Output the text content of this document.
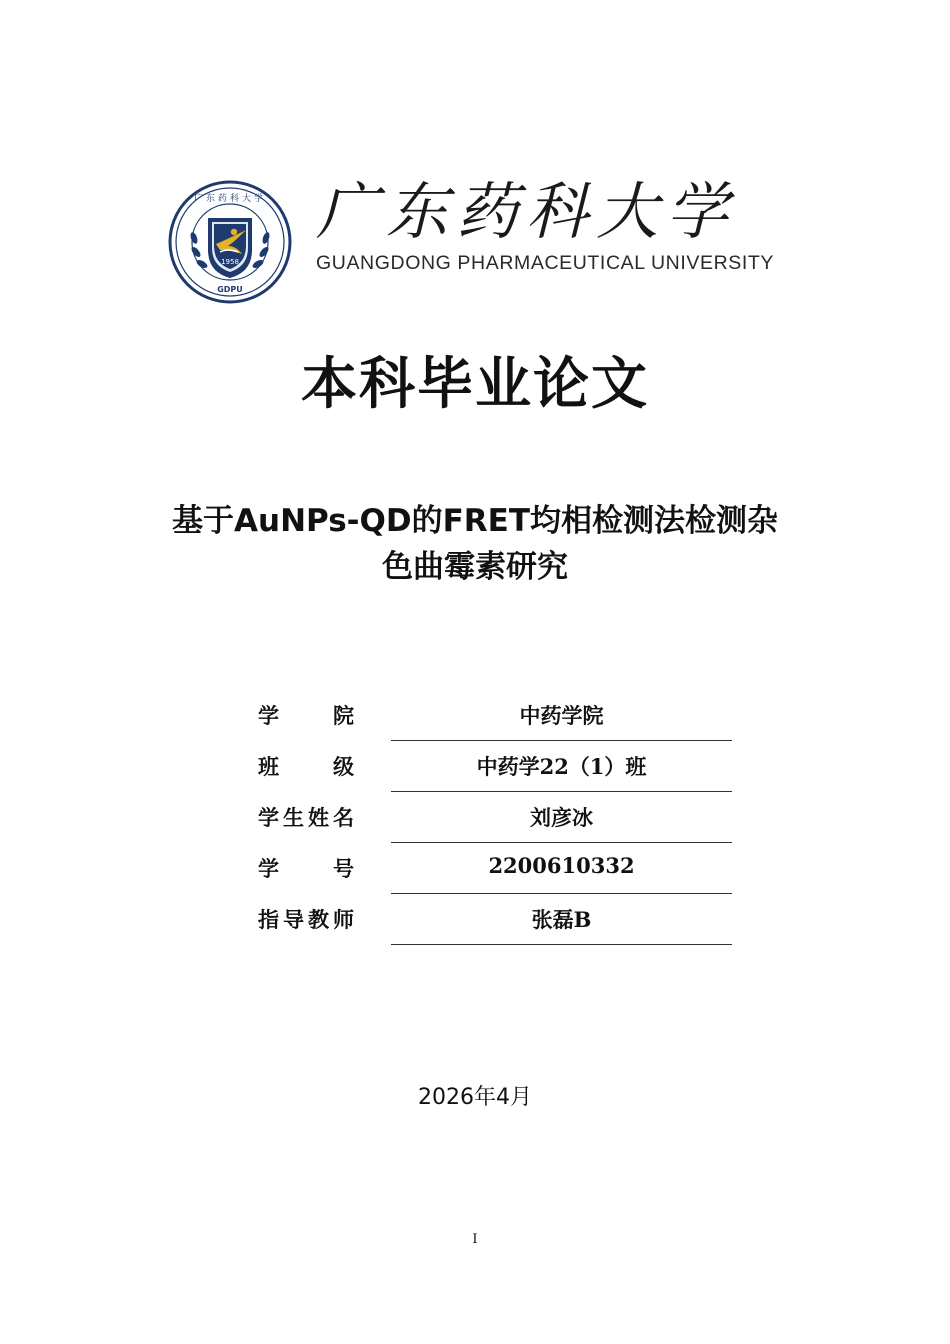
1958
广东药科大学
GDPU
广东药科大学
GUANGDONG PHARMACEUTICAL UNIVERSITY
本科毕业论文
基于AuNPs-QD的FRET均相检测法检测杂
色曲霉素研究
学 院	中药学院
班 级	中药学22（1）班
学生姓名	刘彦冰
学 号	2200610332
指导教师	张磊B
2026年4月
I
